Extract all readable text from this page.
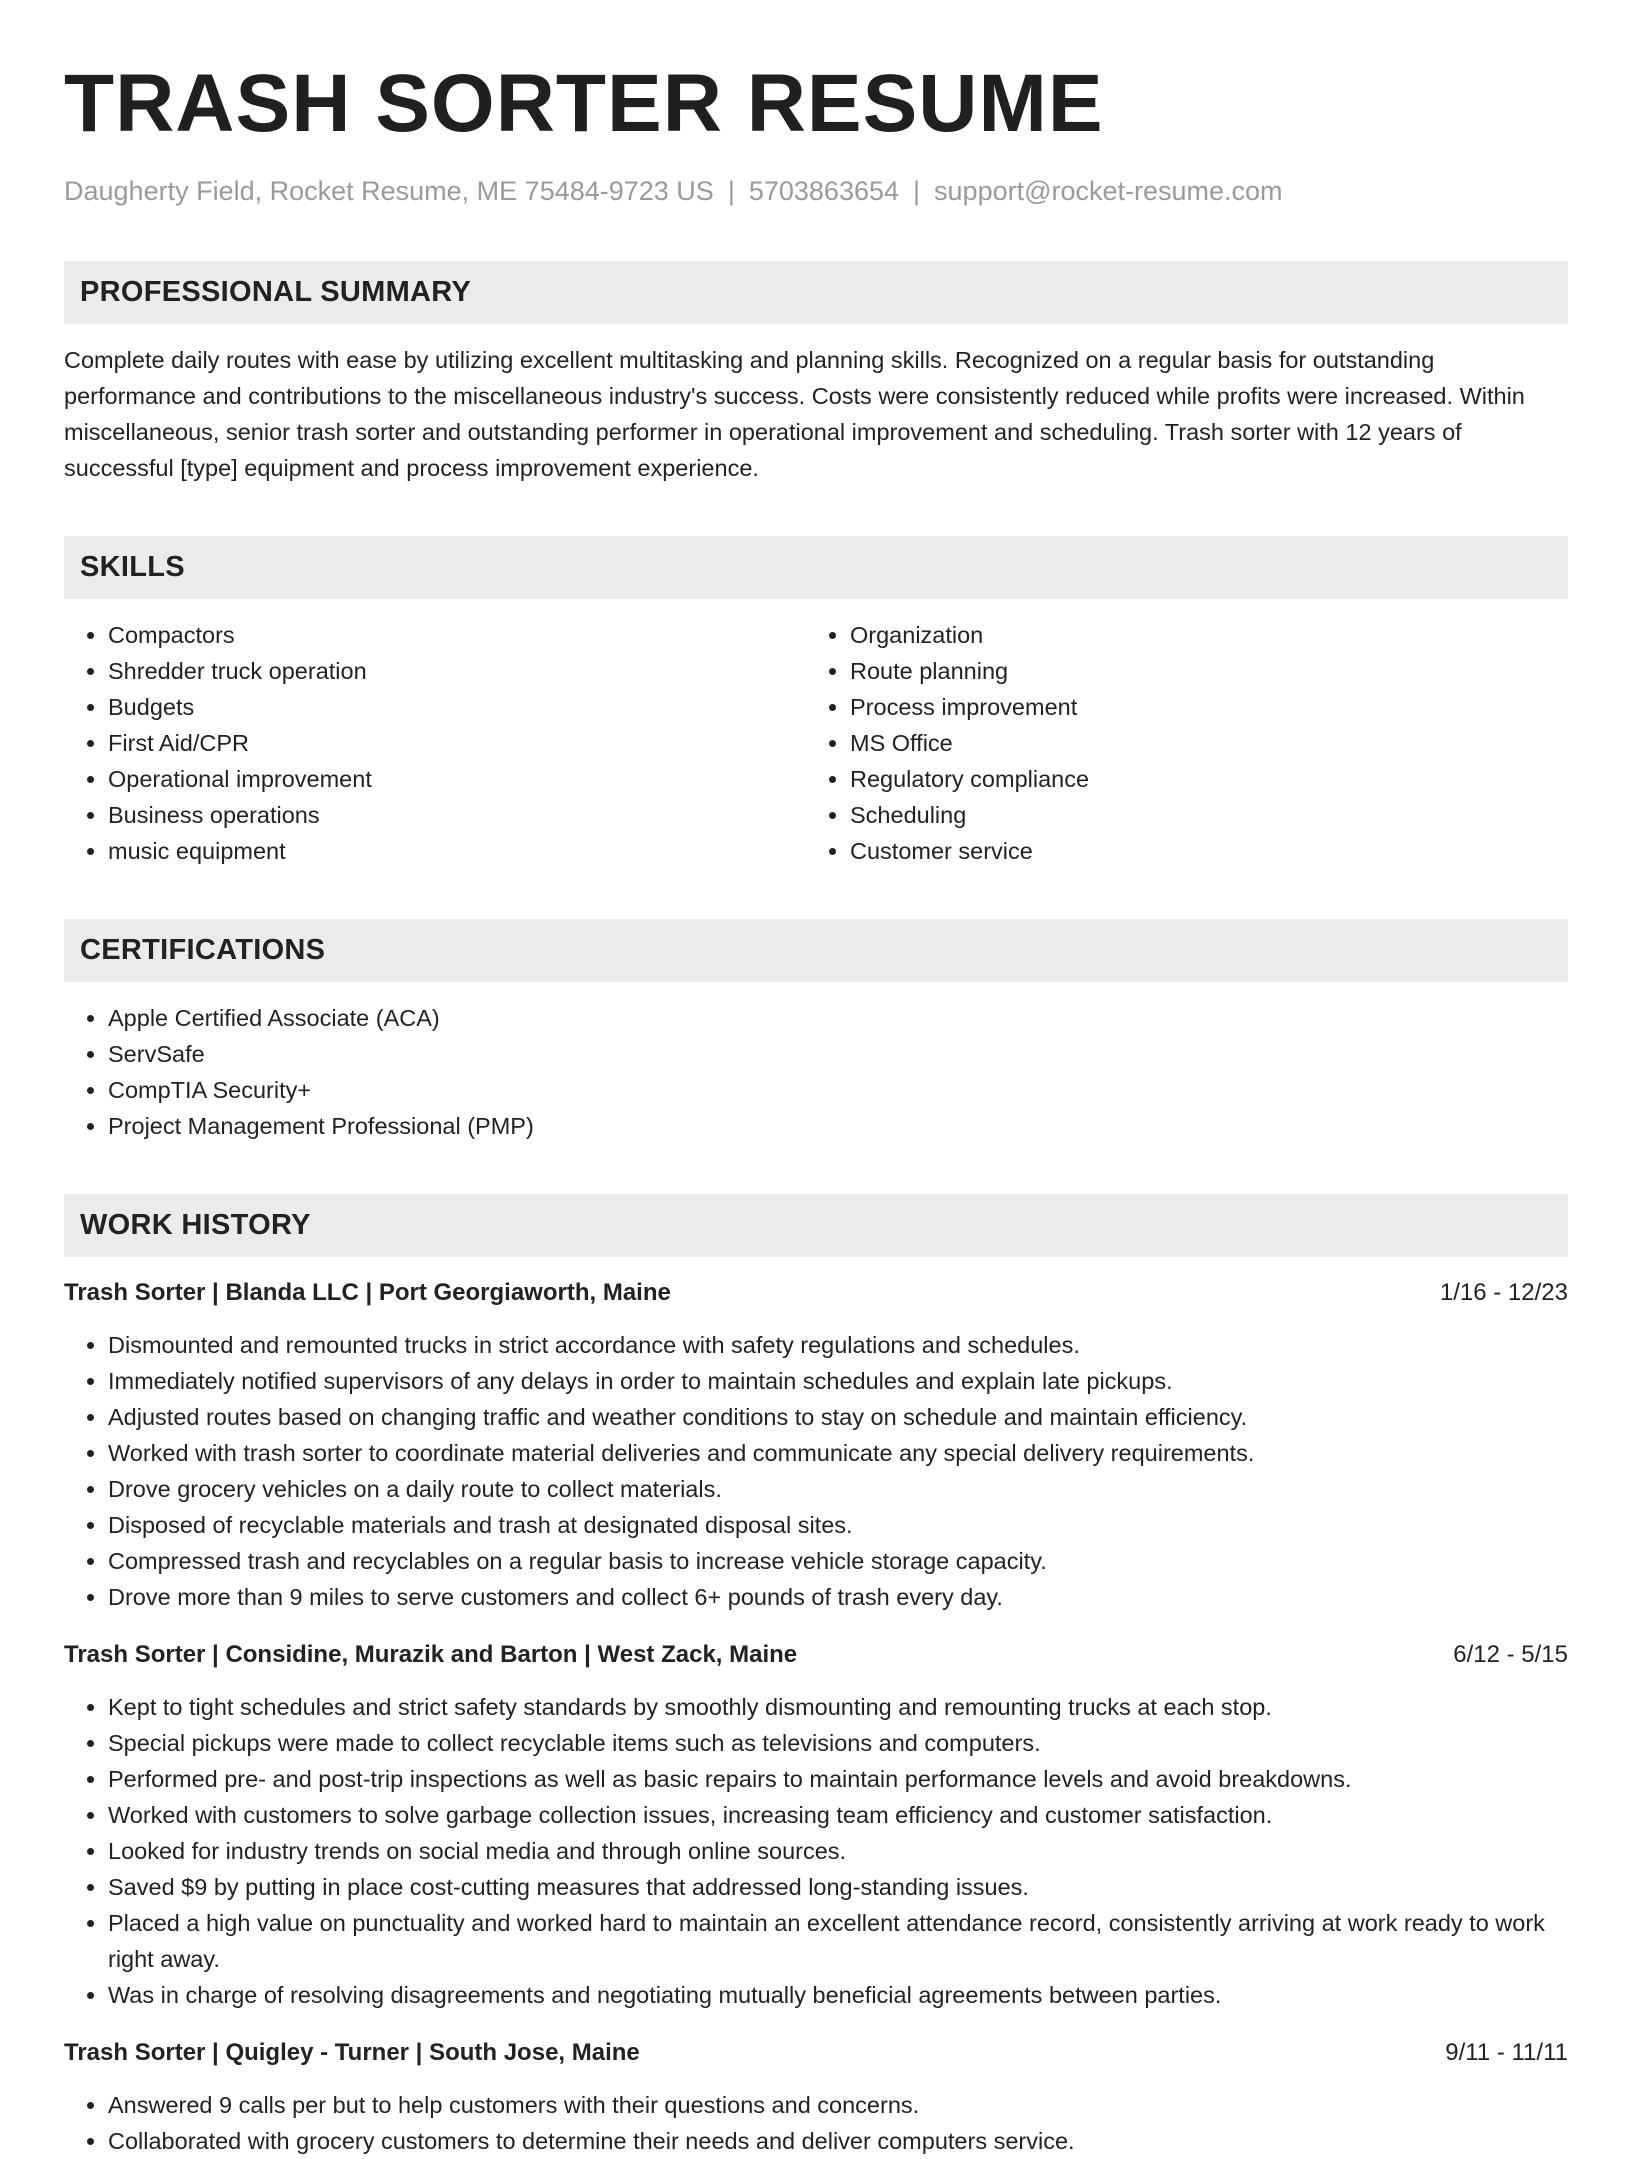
TRASH SORTER RESUME
Daugherty Field, Rocket Resume, ME 75484-9723 US | 5703863654 | support@rocket-resume.com
PROFESSIONAL SUMMARY
Complete daily routes with ease by utilizing excellent multitasking and planning skills. Recognized on a regular basis for outstanding performance and contributions to the miscellaneous industry's success. Costs were consistently reduced while profits were increased. Within miscellaneous, senior trash sorter and outstanding performer in operational improvement and scheduling. Trash sorter with 12 years of successful [type] equipment and process improvement experience.
SKILLS
• Compactors
• Shredder truck operation
• Budgets
• First Aid/CPR
• Operational improvement
• Business operations
• music equipment
• Organization
• Route planning
• Process improvement
• MS Office
• Regulatory compliance
• Scheduling
• Customer service
CERTIFICATIONS
• Apple Certified Associate (ACA)
• ServSafe
• CompTIA Security+
• Project Management Professional (PMP)
WORK HISTORY
Trash Sorter | Blanda LLC | Port Georgiaworth, Maine	1/16 - 12/23
• Dismounted and remounted trucks in strict accordance with safety regulations and schedules.
• Immediately notified supervisors of any delays in order to maintain schedules and explain late pickups.
• Adjusted routes based on changing traffic and weather conditions to stay on schedule and maintain efficiency.
• Worked with trash sorter to coordinate material deliveries and communicate any special delivery requirements.
• Drove grocery vehicles on a daily route to collect materials.
• Disposed of recyclable materials and trash at designated disposal sites.
• Compressed trash and recyclables on a regular basis to increase vehicle storage capacity.
• Drove more than 9 miles to serve customers and collect 6+ pounds of trash every day.
Trash Sorter | Considine, Murazik and Barton | West Zack, Maine	6/12 - 5/15
• Kept to tight schedules and strict safety standards by smoothly dismounting and remounting trucks at each stop.
• Special pickups were made to collect recyclable items such as televisions and computers.
• Performed pre- and post-trip inspections as well as basic repairs to maintain performance levels and avoid breakdowns.
• Worked with customers to solve garbage collection issues, increasing team efficiency and customer satisfaction.
• Looked for industry trends on social media and through online sources.
• Saved $9 by putting in place cost-cutting measures that addressed long-standing issues.
• Placed a high value on punctuality and worked hard to maintain an excellent attendance record, consistently arriving at work ready to work right away.
• Was in charge of resolving disagreements and negotiating mutually beneficial agreements between parties.
Trash Sorter | Quigley - Turner | South Jose, Maine	9/11 - 11/11
• Answered 9 calls per but to help customers with their questions and concerns.
• Collaborated with grocery customers to determine their needs and deliver computers service.
